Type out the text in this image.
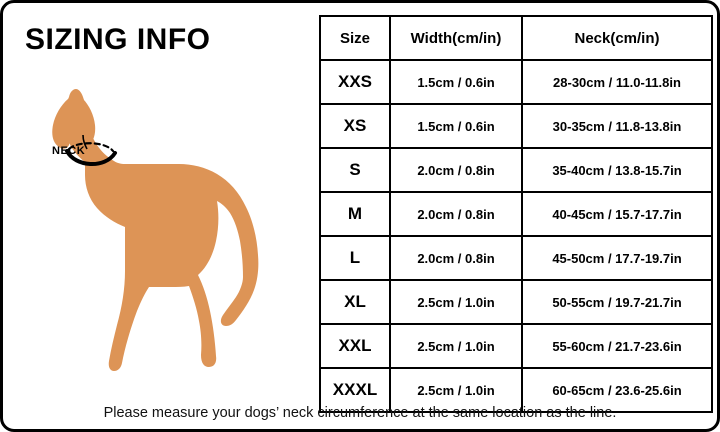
SIZING INFO
NECK
Size	Width(cm/in)	Neck(cm/in)
XXS	1.5cm / 0.6in	28-30cm / 11.0-11.8in
XS	1.5cm / 0.6in	30-35cm / 11.8-13.8in
S	2.0cm / 0.8in	35-40cm / 13.8-15.7in
M	2.0cm / 0.8in	40-45cm / 15.7-17.7in
L	2.0cm / 0.8in	45-50cm / 17.7-19.7in
XL	2.5cm / 1.0in	50-55cm / 19.7-21.7in
XXL	2.5cm / 1.0in	55-60cm / 21.7-23.6in
XXXL	2.5cm / 1.0in	60-65cm / 23.6-25.6in
Please measure your dogs’ neck circumference at the same location as the line.
